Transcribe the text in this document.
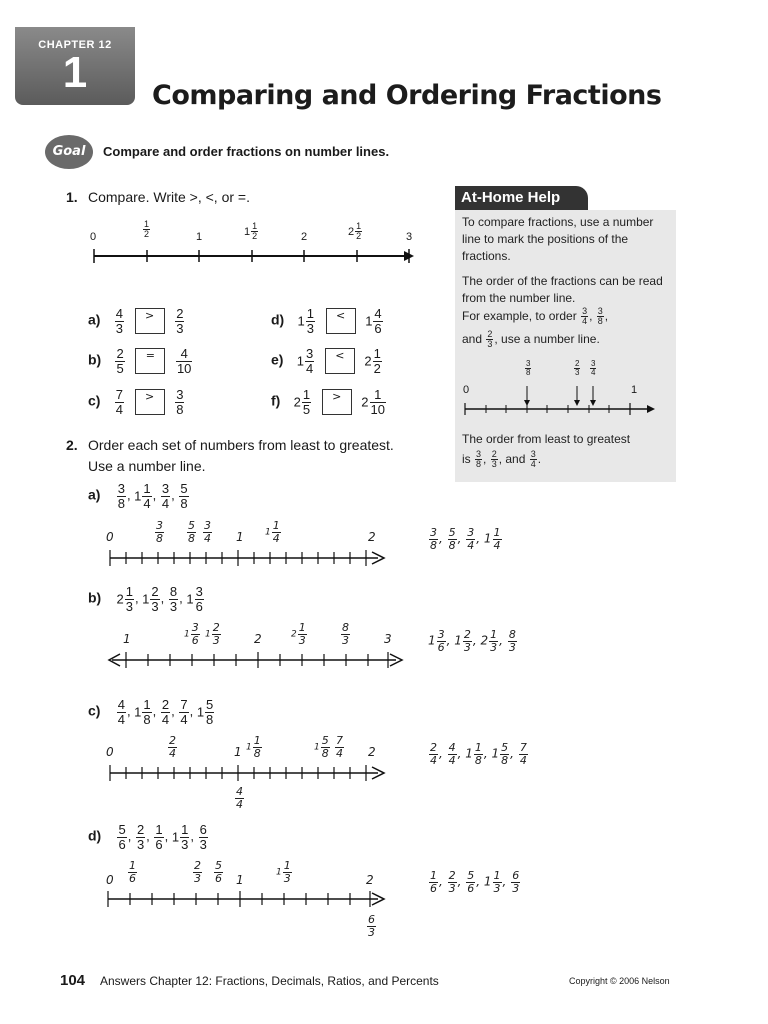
CHAPTER 12
1	Comparing and Ordering Fractions
Goal	Compare and order fractions on number lines.
1. Compare. Write >, <, or =.
0	$\frac{1}{2}$	1	$1 \frac{1}{2}$	2	$2 \frac{1}{2}$	3
$a) \frac{4}{3} > \frac{2}{3}$
$b) \frac{2}{5} = \frac{4}{10}$
$c) \frac{7}{4} > \frac{3}{8}$
d) $1 \frac{1}{3} < 1 \frac{4}{6}$
e) $1 \frac{3}{4} < 2 \frac{1}{2}$
f) $2 \frac{1}{5} > 2 \frac{1}{10}$
At-Home Help
To compare fractions, use a number line to mark the positions of the fractions.
The order of the fractions can be read from the number line.
For example, to order $\frac{3}{4}$ , $\frac{3}{8}$ ,
and $\frac{2}{3}$ , use a number line.
$\frac{3}{8}$	$\frac{2}{3} \frac{3}{4}$
0	1
The order from least to greatest
is $\frac{3}{8}$ , $\frac{2}{3}$ , and $\frac{3}{4}$ .
2. Order each set of numbers from least to greatest.
Use a number line.
$a) \frac{3}{8}$ , $1 \frac{1}{4}$ , $\frac{3}{4}$ , $\frac{5}{8}$
0	1	2
$\frac{3}{8} \frac{5}{8} \frac{3}{4}$	$1 \frac{1}{4}$	$\frac{3}{8}$ , $\frac{5}{8}$ , $\frac{3}{4}$ , $1 \frac{1}{4}$
b) $2 \frac{1}{3}$ , $1 \frac{2}{3}$ , $\frac{8}{3}$ , $1 \frac{3}{6}$
1	2	3
$1 \frac{3}{6} 1 \frac{2}{3}$	$2 \frac{1}{3}$	$\frac{8}{3}$	$1 \frac{3}{6}$ , $1 \frac{2}{3}$ , $2 \frac{1}{3}$ , $\frac{8}{3}$
$c) \frac{4}{4}$ , $1 \frac{1}{8}$ , $\frac{2}{4}$ , $\frac{7}{4}$ , $1 \frac{5}{8}$
0	1	2
$\frac{2}{4}$	$1 \frac{1}{8}$	$1 \frac{5}{8} \frac{7}{4}$
$\frac{4}{4}$
$\frac{2}{4}$ , $\frac{4}{4}$ , $1 \frac{1}{8}$ , $1 \frac{5}{8}$ , $\frac{7}{4}$
$d) \frac{5}{6}$ , $\frac{2}{3}$ , $\frac{1}{6}$ , $1 \frac{1}{3}$ , $\frac{6}{3}$
0	1	2
$\frac{1}{6}$	$\frac{2}{3} \frac{5}{6}$	$1 \frac{1}{3}$
$\frac{6}{3}$
$\frac{1}{6}$ , $\frac{2}{3}$ , $\frac{5}{6}$ , $1 \frac{1}{3}$ , $\frac{6}{3}$
104 Answers Chapter 12: Fractions, Decimals, Ratios, and Percents	Copyright © 2006 Nelson
